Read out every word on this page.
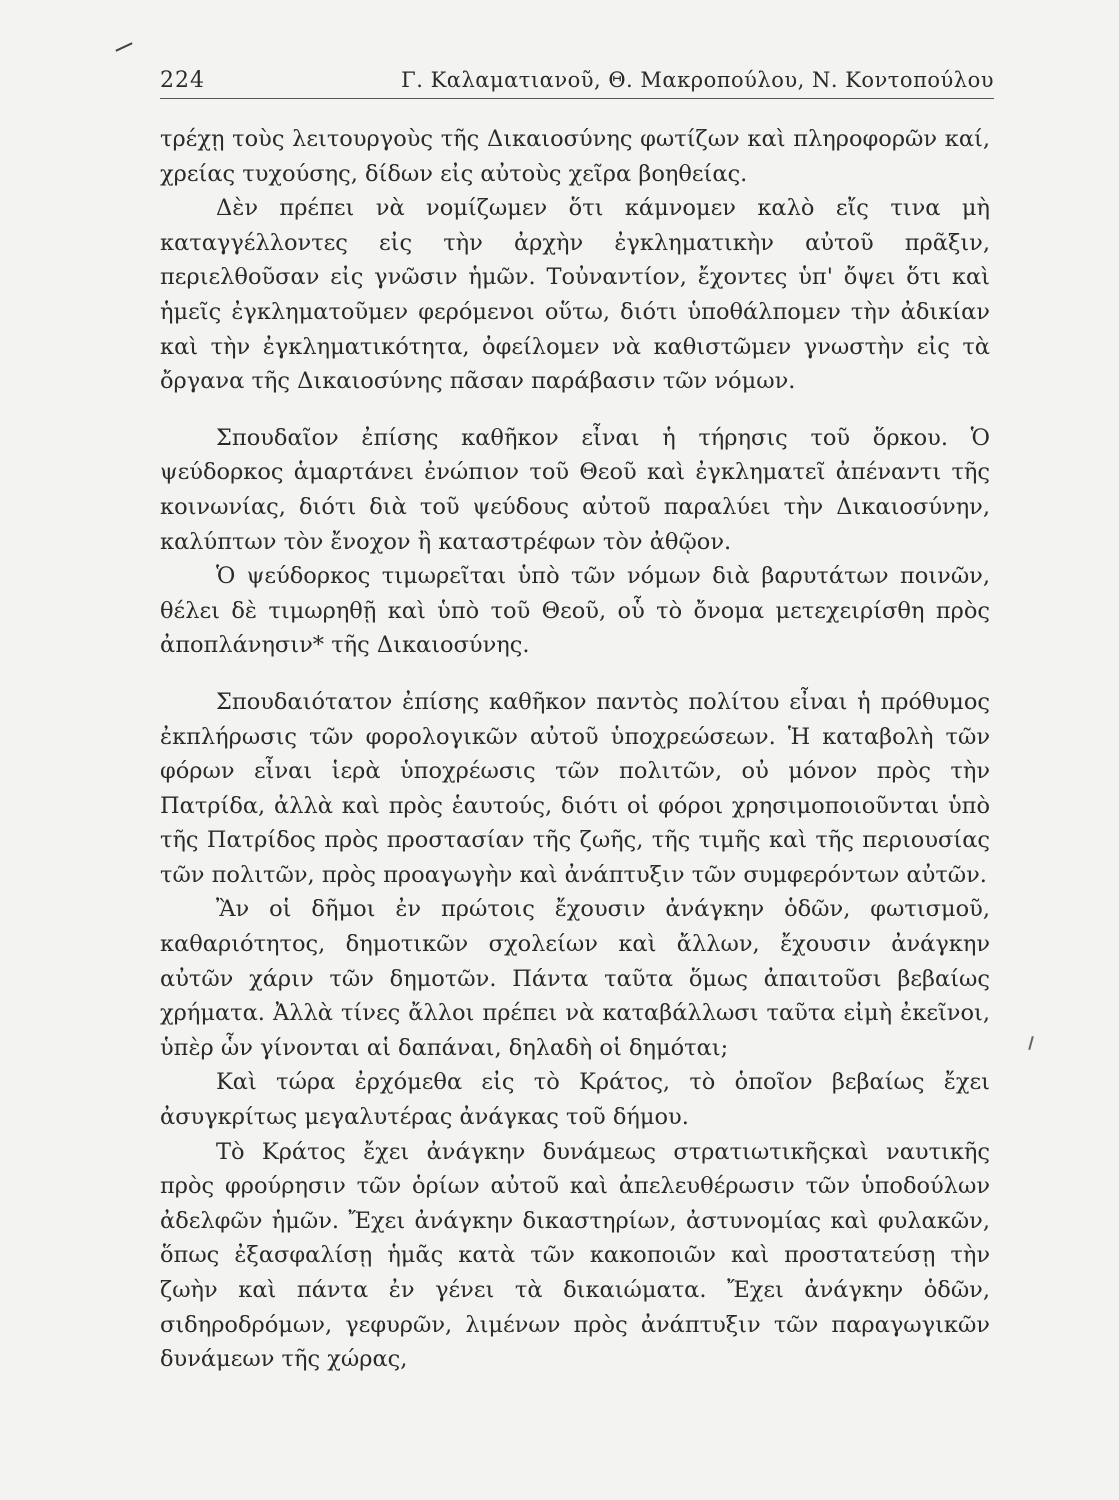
224	Γ. Καλαματιανοῦ, Θ. Μακροπούλου, Ν. Κοντοπούλου

τρέχῃ τοὺς λειτουργοὺς τῆς Δικαιοσύνης φωτίζων καὶ πληροφορῶν καί, χρείας τυχούσης, δίδων εἰς αὐτοὺς χεῖρα βοηθείας.

Δὲν πρέπει νὰ νομίζωμεν ὅτι κάμνομεν καλὸ εἴς τινα μὴ καταγγέλλοντες εἰς τὴν ἀρχὴν ἐγκληματικὴν αὐτοῦ πρᾶξιν, περιελθοῦσαν εἰς γνῶσιν ἡμῶν. Τοὐναντίον, ἔχοντες ὑπ' ὄψει ὅτι καὶ ἡμεῖς ἐγκληματοῦμεν φερόμενοι οὕτω, διότι ὑποθάλπομεν τὴν ἀδικίαν καὶ τὴν ἐγκληματικότητα, ὀφείλομεν νὰ καθιστῶμεν γνωστὴν εἰς τὰ ὄργανα τῆς Δικαιοσύνης πᾶσαν παράβασιν τῶν νόμων.

Σπουδαῖον ἐπίσης καθῆκον εἶναι ἡ τήρησις τοῦ ὅρκου. Ὁ ψεύδορκος ἁμαρτάνει ἐνώπιον τοῦ Θεοῦ καὶ ἐγκληματεῖ ἀπέναντι τῆς κοινωνίας, διότι διὰ τοῦ ψεύδους αὐτοῦ παραλύει τὴν Δικαιοσύνην, καλύπτων τὸν ἔνοχον ἢ καταστρέφων τὸν ἀθῷον.

Ὁ ψεύδορκος τιμωρεῖται ὑπὸ τῶν νόμων διὰ βαρυτάτων ποινῶν, θέλει δὲ τιμωρηθῇ καὶ ὑπὸ τοῦ Θεοῦ, οὗ τὸ ὄνομα μετεχειρίσθη πρὸς ἀποπλάνησιν* τῆς Δικαιοσύνης.

Σπουδαιότατον ἐπίσης καθῆκον παντὸς πολίτου εἶναι ἡ πρόθυμος ἐκπλήρωσις τῶν φορολογικῶν αὐτοῦ ὑποχρεώσεων. Ἡ καταβολὴ τῶν φόρων εἶναι ἱερὰ ὑποχρέωσις τῶν πολιτῶν, οὐ μόνον πρὸς τὴν Πατρίδα, ἀλλὰ καὶ πρὸς ἑαυτούς, διότι οἱ φόροι χρησιμοποιοῦνται ὑπὸ τῆς Πατρίδος πρὸς προστασίαν τῆς ζωῆς, τῆς τιμῆς καὶ τῆς περιουσίας τῶν πολιτῶν, πρὸς προαγωγὴν καὶ ἀνάπτυξιν τῶν συμφερόντων αὐτῶν.

Ἂν οἱ δῆμοι ἐν πρώτοις ἔχουσιν ἀνάγκην ὁδῶν, φωτισμοῦ, καθαριότητος, δημοτικῶν σχολείων καὶ ἄλλων, ἔχουσιν ἀνάγκην αὐτῶν χάριν τῶν δημοτῶν. Πάντα ταῦτα ὅμως ἀπαιτοῦσι βεβαίως χρήματα. Ἀλλὰ τίνες ἄλλοι πρέπει νὰ καταβάλλωσι ταῦτα εἰμὴ ἐκεῖνοι, ὑπὲρ ὧν γίνονται αἱ δαπάναι, δηλαδὴ οἱ δημόται;

Καὶ τώρα ἐρχόμεθα εἰς τὸ Κράτος, τὸ ὁποῖον βεβαίως ἔχει ἀσυγκρίτως μεγαλυτέρας ἀνάγκας τοῦ δήμου.

Τὸ Κράτος ἔχει ἀνάγκην δυνάμεως στρατιωτικῆςκαὶ ναυτικῆς πρὸς φρούρησιν τῶν ὁρίων αὐτοῦ καὶ ἀπελευθέρωσιν τῶν ὑποδούλων ἀδελφῶν ἡμῶν. Ἔχει ἀνάγκην δικαστηρίων, ἀστυνομίας καὶ φυλακῶν, ὅπως ἐξασφαλίσῃ ἡμᾶς κατὰ τῶν κακοποιῶν καὶ προστατεύσῃ τὴν ζωὴν καὶ πάντα ἐν γένει τὰ δικαιώματα. Ἔχει ἀνάγκην ὁδῶν, σιδηροδρόμων, γεφυρῶν, λιμένων πρὸς ἀνάπτυξιν τῶν παραγωγικῶν δυνάμεων τῆς χώρας,
